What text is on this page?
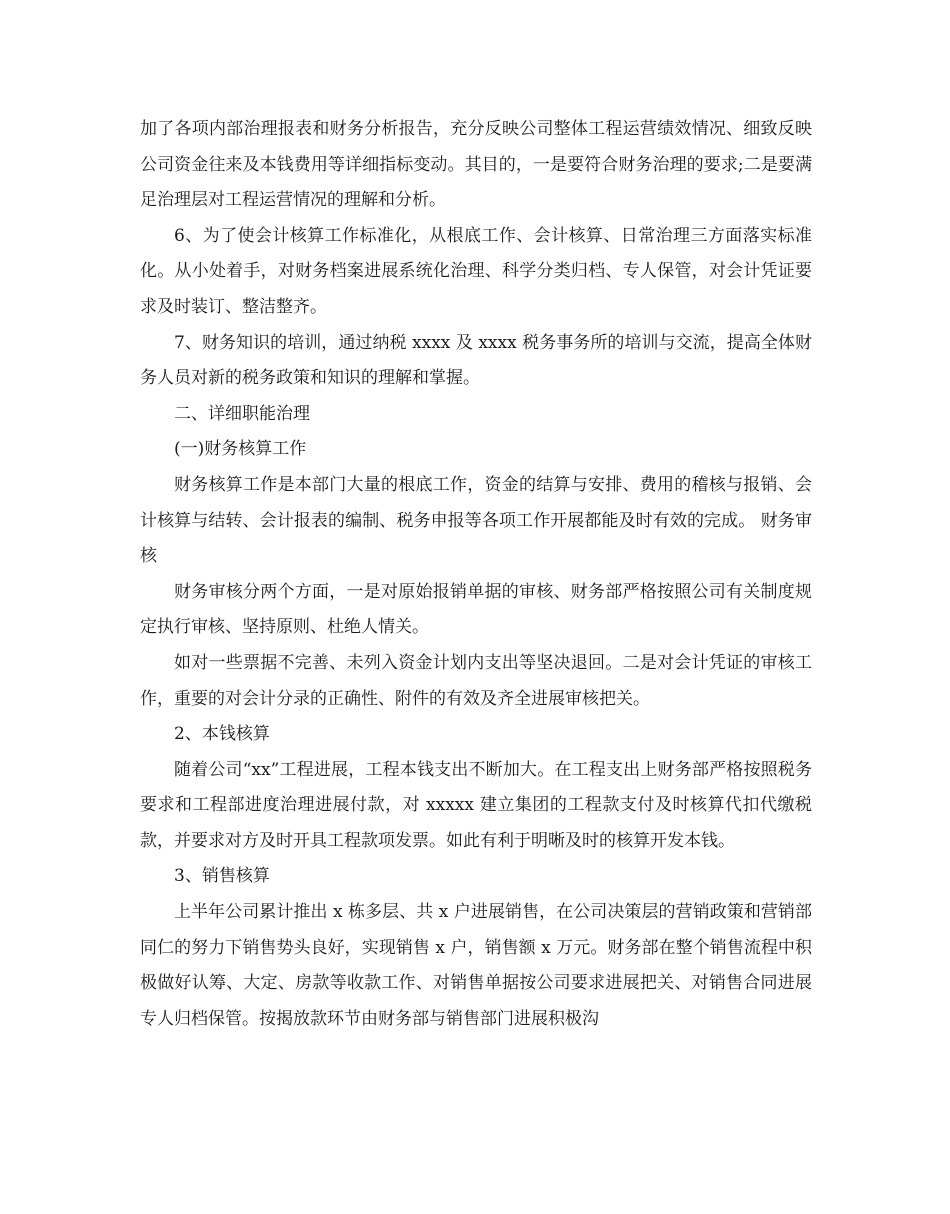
加了各项内部治理报表和财务分析报告，充分反映公司整体工程运营绩效情况、细致反映公司资金往来及本钱费用等详细指标变动。其目的，一是要符合财务治理的要求;二是要满足治理层对工程运营情况的理解和分析。

6、为了使会计核算工作标准化，从根底工作、会计核算、日常治理三方面落实标准化。从小处着手，对财务档案进展系统化治理、科学分类归档、专人保管，对会计凭证要求及时装订、整洁整齐。

7、财务知识的培训，通过纳税 xxxx 及 xxxx 税务事务所的培训与交流，提高全体财务人员对新的税务政策和知识的理解和掌握。

二、详细职能治理

(一)财务核算工作

财务核算工作是本部门大量的根底工作，资金的结算与安排、费用的稽核与报销、会计核算与结转、会计报表的编制、税务申报等各项工作开展都能及时有效的完成。 财务审核

财务审核分两个方面，一是对原始报销单据的审核、财务部严格按照公司有关制度规定执行审核、坚持原则、杜绝人情关。

如对一些票据不完善、未列入资金计划内支出等坚决退回。二是对会计凭证的审核工作，重要的对会计分录的正确性、附件的有效及齐全进展审核把关。

2、本钱核算

随着公司“xx”工程进展，工程本钱支出不断加大。在工程支出上财务部严格按照税务要求和工程部进度治理进展付款，对 xxxxx 建立集团的工程款支付及时核算代扣代缴税款，并要求对方及时开具工程款项发票。如此有利于明晰及时的核算开发本钱。

3、销售核算

上半年公司累计推出 x 栋多层、共 x 户进展销售，在公司决策层的营销政策和营销部同仁的努力下销售势头良好，实现销售 x 户，销售额 x 万元。财务部在整个销售流程中积极做好认筹、大定、房款等收款工作、对销售单据按公司要求进展把关、对销售合同进展专人归档保管。按揭放款环节由财务部与销售部门进展积极沟
